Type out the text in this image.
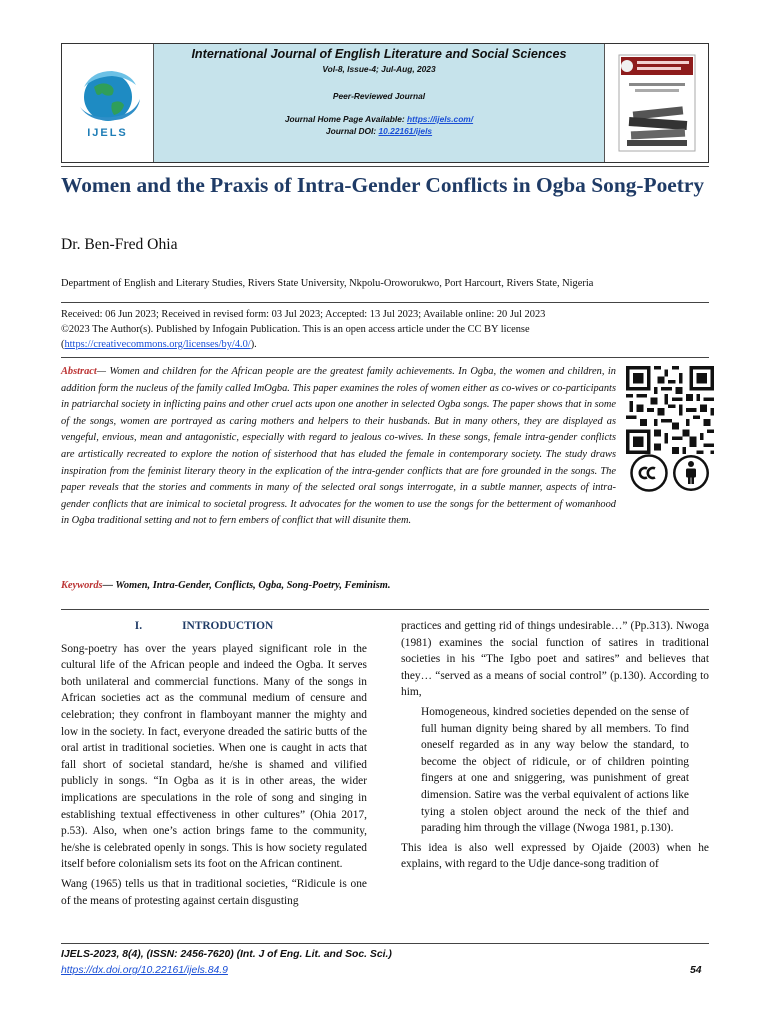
IJELS
International Journal of English Literature and Social Sciences
Vol-8, Issue-4; Jul-Aug, 2023
Peer-Reviewed Journal
Journal Home Page Available: https://ijels.com/
Journal DOI: 10.22161/ijels
Women and the Praxis of Intra-Gender Conflicts in Ogba Song-Poetry
Dr. Ben-Fred Ohia
Department of English and Literary Studies, Rivers State University, Nkpolu-Oroworukwo, Port Harcourt, Rivers State, Nigeria
Received: 06 Jun 2023; Received in revised form: 03 Jul 2023; Accepted: 13 Jul 2023; Available online: 20 Jul 2023
©2023 The Author(s). Published by Infogain Publication. This is an open access article under the CC BY license
(https://creativecommons.org/licenses/by/4.0/).
Abstract— Women and children for the African people are the greatest family achievements. In Ogba, the women and children, in addition form the nucleus of the family called ImOgba. This paper examines the roles of women either as co-wives or co-participants in patriarchal society in inflicting pains and other cruel acts upon one another in selected Ogba songs. The paper shows that in some of the songs, women are portrayed as caring mothers and helpers to their husbands. But in many others, they are displayed as vengeful, envious, mean and antagonistic, especially with regard to jealous co-wives. In these songs, female intra-gender conflicts are artistically recreated to explore the notion of sisterhood that has eluded the female in contemporary society. The study draws inspiration from the feminist literary theory in the explication of the intra-gender conflicts that are fore grounded in the songs. The paper reveals that the stories and comments in many of the selected oral songs interrogate, in a subtle manner, aspects of intra-gender conflicts that are inimical to societal progress. It advocates for the women to use the songs for the betterment of womanhood in Ogba traditional setting and not to fern embers of conflict that will disunite them.
Keywords— Women, Intra-Gender, Conflicts, Ogba, Song-Poetry, Feminism.
I.	INTRODUCTION

Song-poetry has over the years played significant role in the cultural life of the African people and indeed the Ogba. It serves both unilateral and commercial functions. Many of the songs in African societies act as the communal medium of censure and celebration; they confront in flamboyant manner the mighty and low in the society. In fact, everyone dreaded the satiric butts of the oral artist in traditional societies. When one is caught in acts that fall short of societal standard, he/she is shamed and vilified publicly in songs. “In Ogba as it is in other areas, the wider implications are speculations in the role of song and singing in establishing textual effectiveness in other cultures” (Ohia 2017, p.53). Also, when one’s action brings fame to the community, he/she is celebrated openly in songs. This is how society regulated itself before colonialism sets its foot on the African continent.

Wang (1965) tells us that in traditional societies, “Ridicule is one of the means of protesting against certain disgusting

practices and getting rid of things undesirable…” (Pp.313). Nwoga (1981) examines the social function of satires in traditional societies in his “The Igbo poet and satires” and believes that they… “served as a means of social control” (p.130). According to him,

Homogeneous, kindred societies depended on the sense of full human dignity being shared by all members. To find oneself regarded as in any way below the standard, to become the object of ridicule, or of children pointing fingers at one and sniggering, was punishment of great dimension. Satire was the verbal equivalent of actions like tying a stolen object around the neck of the thief and parading him through the village (Nwoga 1981, p.130).

This idea is also well expressed by Ojaide (2003) when he explains, with regard to the Udje dance-song tradition of

IJELS-2023, 8(4), (ISSN: 2456-7620) (Int. J of Eng. Lit. and Soc. Sci.)
https://dx.doi.org/10.22161/ijels.84.9	54
